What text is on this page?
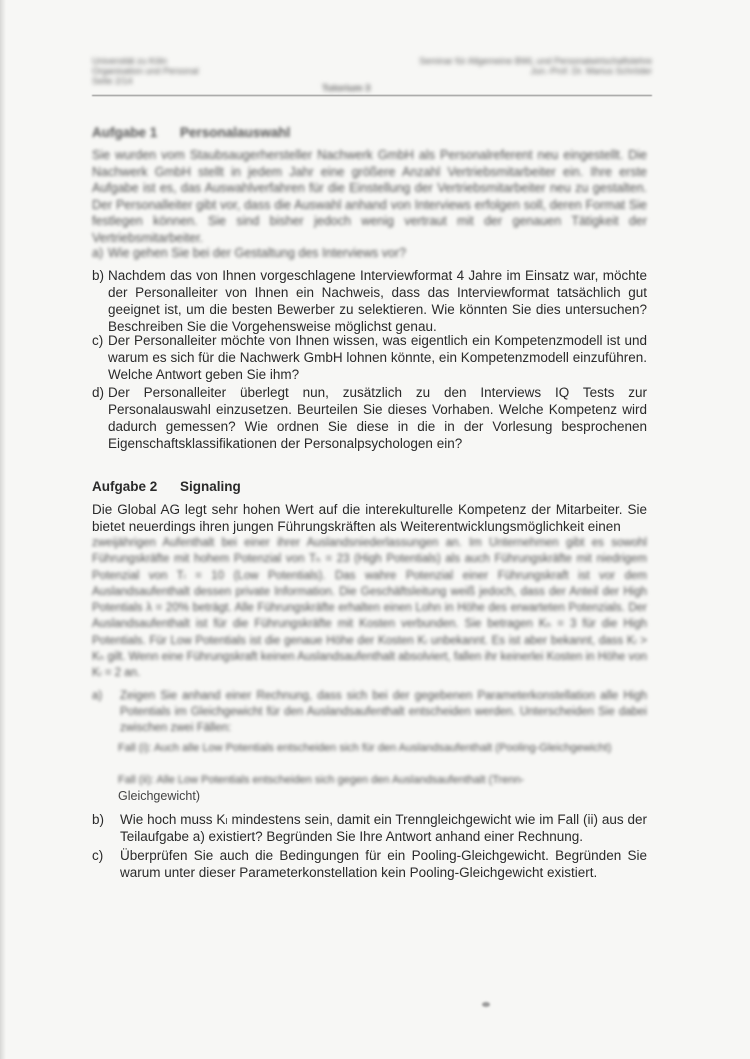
Universität zu Köln
Organisation und Personal
Seite 2/14
Tutorium 3
Seminar für Allgemeine BWL und Personalwirtschaftslehre
Jun.-Prof. Dr. Marius Schröder
Aufgabe 1 Personalauswahl
Sie wurden vom Staubsaugerhersteller Nachwerk GmbH als Personalreferent neu eingestellt. Die Nachwerk GmbH stellt in jedem Jahr eine größere Anzahl Vertriebsmitarbeiter ein. Ihre erste Aufgabe ist es, das Auswahlverfahren für die Einstellung der Vertriebsmitarbeiter neu zu gestalten. Der Personalleiter gibt vor, dass die Auswahl anhand von Interviews erfolgen soll, deren Format Sie festlegen können. Sie sind bisher jedoch wenig vertraut mit der genauen Tätigkeit der Vertriebsmitarbeiter.
a) Wie gehen Sie bei der Gestaltung des Interviews vor?
b) Nachdem das von Ihnen vorgeschlagene Interviewformat 4 Jahre im Einsatz war, möchte der Personalleiter von Ihnen ein Nachweis, dass das Interviewformat tatsächlich gut geeignet ist, um die besten Bewerber zu selektieren. Wie könnten Sie dies untersuchen? Beschreiben Sie die Vorgehensweise möglichst genau.
c) Der Personalleiter möchte von Ihnen wissen, was eigentlich ein Kompetenzmodell ist und warum es sich für die Nachwerk GmbH lohnen könnte, ein Kompetenzmodell einzuführen. Welche Antwort geben Sie ihm?
d) Der Personalleiter überlegt nun, zusätzlich zu den Interviews IQ Tests zur Personalauswahl einzusetzen. Beurteilen Sie dieses Vorhaben. Welche Kompetenz wird dadurch gemessen? Wie ordnen Sie diese in die in der Vorlesung besprochenen Eigenschaftsklassifikationen der Personalpsychologen ein?
Aufgabe 2 Signaling
Die Global AG legt sehr hohen Wert auf die interekulturelle Kompetenz der Mitarbeiter. Sie bietet neuerdings ihren jungen Führungskräften als Weiterentwicklungsmöglichkeit einen
zweijährigen Aufenthalt bei einer ihrer Auslandsniederlassungen an. Im Unternehmen gibt es sowohl Führungskräfte mit hohem Potenzial von Tₕ = 23 (High Potentials) als auch Führungskräfte mit niedrigem Potenzial von Tₗ = 10 (Low Potentials). Das wahre Potenzial einer Führungskraft ist vor dem Auslandsaufenthalt dessen private Information. Die Geschäftsleitung weiß jedoch, dass der Anteil der High Potentials λ = 20% beträgt. Alle Führungskräfte erhalten einen Lohn in Höhe des erwarteten Potenzials. Der Auslandsaufenthalt ist für die Führungskräfte mit Kosten verbunden. Sie betragen Kₕ = 3 für die High Potentials. Für Low Potentials ist die genaue Höhe der Kosten Kₗ unbekannt. Es ist aber bekannt, dass Kₗ > Kₕ gilt. Wenn eine Führungskraft keinen Auslandsaufenthalt absolviert, fallen ihr keinerlei Kosten in Höhe von Kₗ = 2 an.
a) Zeigen Sie anhand einer Rechnung, dass sich bei der gegebenen Parameterkonstellation alle High Potentials im Gleichgewicht für den Auslandsaufenthalt entscheiden werden. Unterscheiden Sie dabei zwischen zwei Fällen:
Fall (i): Auch alle Low Potentials entscheiden sich für den Auslandsaufenthalt (Pooling-Gleichgewicht)
Fall (ii): Alle Low Potentials entscheiden sich gegen den Auslandsaufenthalt (Trenn-
Gleichgewicht)
b) Wie hoch muss Kₗ mindestens sein, damit ein Trenngleichgewicht wie im Fall (ii) aus der Teilaufgabe a) existiert? Begründen Sie Ihre Antwort anhand einer Rechnung.
c) Überprüfen Sie auch die Bedingungen für ein Pooling-Gleichgewicht. Begründen Sie warum unter dieser Parameterkonstellation kein Pooling-Gleichgewicht existiert.
